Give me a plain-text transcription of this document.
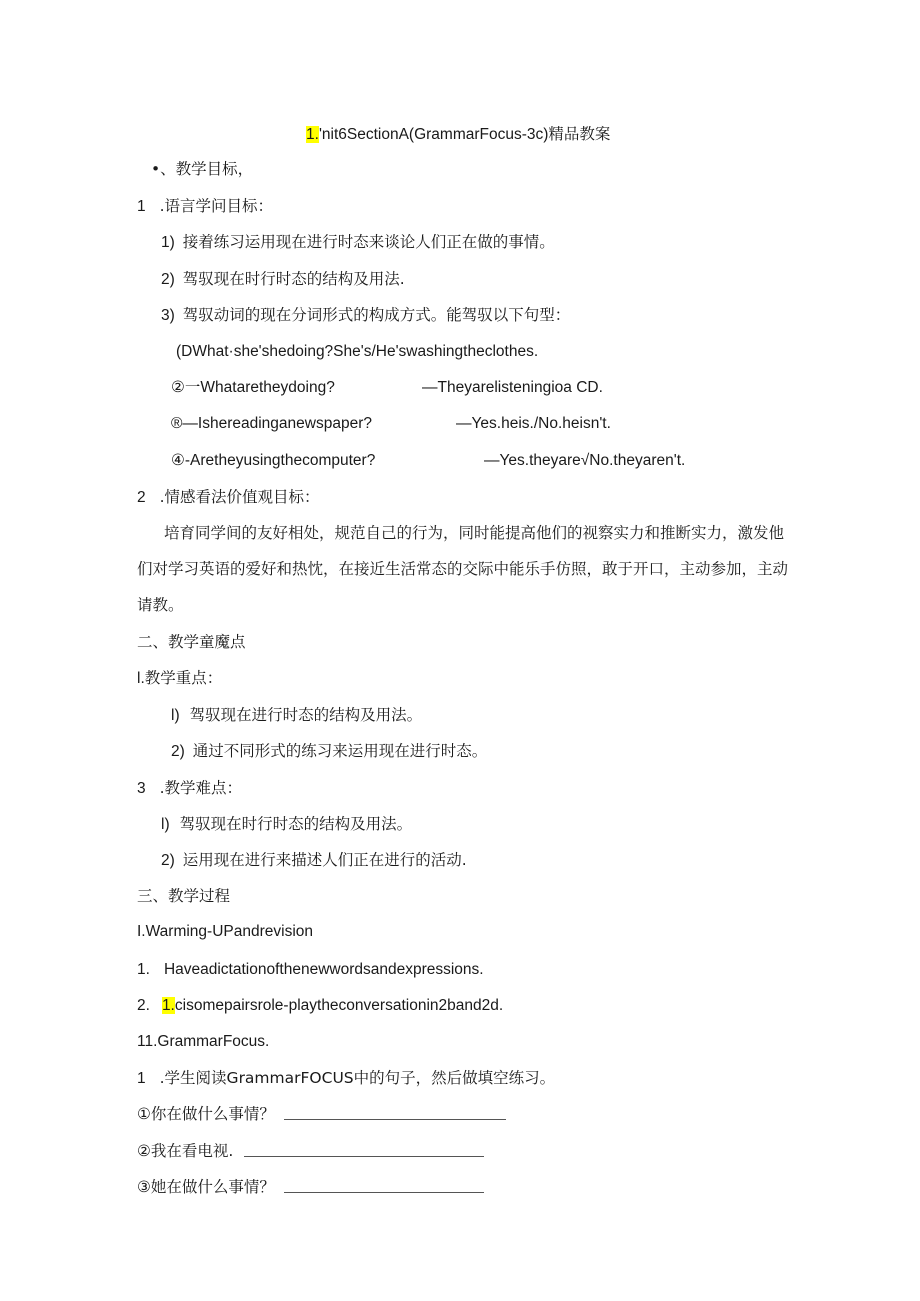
1.'nit6SectionA(GrammarFocus-3c)精品教案
•、教学目标，
1 .语言学问目标：
1) 接着练习运用现在进行时态来谈论人们正在做的事情。
2) 驾驭现在时行时态的结构及用法.
3) 驾驭动词的现在分词形式的构成方式。能驾驭以下句型：
(DWhat·she'shedoing?She's/He'swashingtheclothes.
②一Whataretheydoing?	—Theyarelisteningioa CD.
®—Ishereadinganewspaper?	—Yes.heis./No.heisn't.
④-Aretheyusingthecomputer?	—Yes.theyare√No.theyaren't.
2 .情感看法价值观目标：
培育同学间的友好相处，规范自己的行为，同时能提高他们的视察实力和推断实力，激发他
们对学习英语的爱好和热忱，在接近生活常态的交际中能乐手仿照，敢于开口，主动参加，主动
请教。
二、教学童魔点
l.教学重点：
l) 驾驭现在进行时态的结构及用法。
2) 通过不同形式的练习来运用现在进行时态。
3 .教学难点：
l) 驾驭现在时行时态的结构及用法。
2) 运用现在进行来描述人们正在进行的活动.
三、教学过程
I.Warming-UPandrevision
1. Haveadictationofthenewwordsandexpressions.
2. 1.cisomepairsrole-playtheconversationin2band2d.
11.GrammarFocus.
1 .学生阅读GrammarFOCUS中的句子，然后做填空练习。
①你在做什么事情？
②我在看电视.
③她在做什么事情？
